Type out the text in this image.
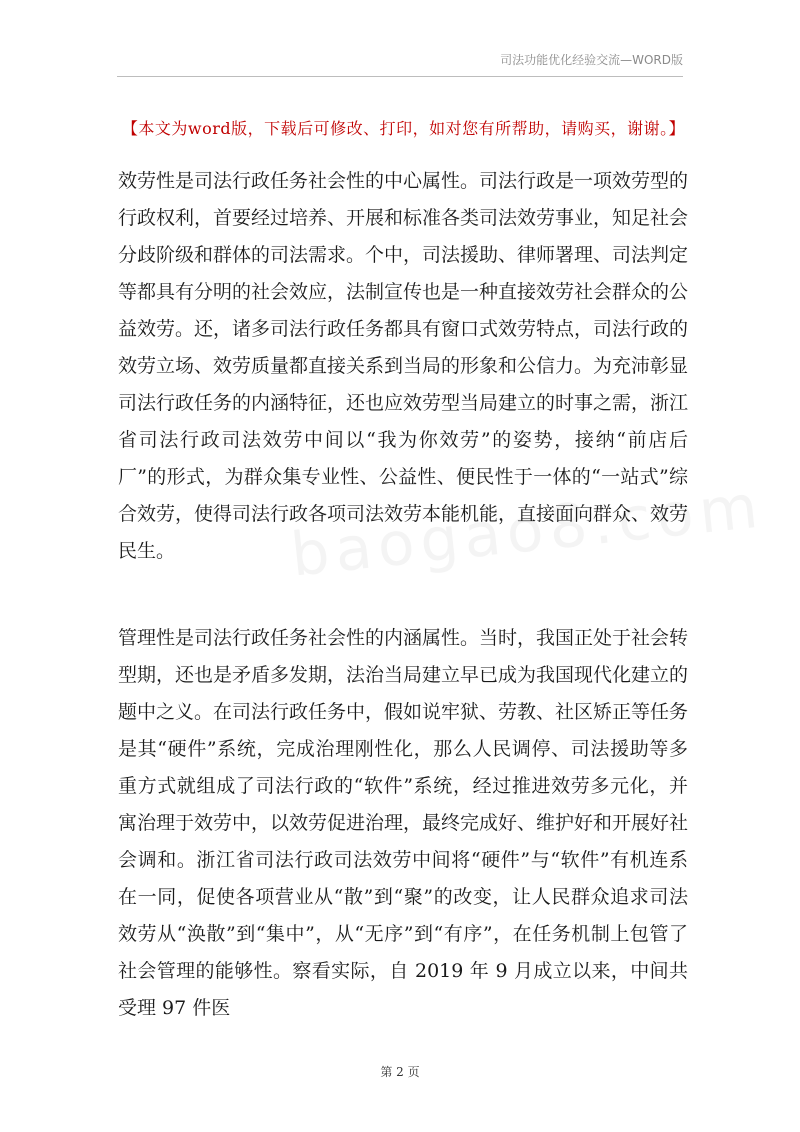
司法功能优化经验交流—WORD版
【本文为word版，下载后可修改、打印，如对您有所帮助，请购买，谢谢。】

效劳性是司法行政任务社会性的中心属性。司法行政是一项效劳型的行政权利，首要经过培养、开展和标准各类司法效劳事业，知足社会分歧阶级和群体的司法需求。个中，司法援助、律师署理、司法判定等都具有分明的社会效应，法制宣传也是一种直接效劳社会群众的公益效劳。还，诸多司法行政任务都具有窗口式效劳特点，司法行政的效劳立场、效劳质量都直接关系到当局的形象和公信力。为充沛彰显司法行政任务的内涵特征，还也应效劳型当局建立的时事之需，浙江省司法行政司法效劳中间以“我为你效劳”的姿势，接纳“前店后厂”的形式，为群众集专业性、公益性、便民性于一体的“一站式”综合效劳，使得司法行政各项司法效劳本能机能，直接面向群众、效劳民生。

管理性是司法行政任务社会性的内涵属性。当时，我国正处于社会转型期，还也是矛盾多发期，法治当局建立早已成为我国现代化建立的题中之义。在司法行政任务中，假如说牢狱、劳教、社区矫正等任务是其“硬件”系统，完成治理刚性化，那么人民调停、司法援助等多重方式就组成了司法行政的“软件”系统，经过推进效劳多元化，并寓治理于效劳中，以效劳促进治理，最终完成好、维护好和开展好社会调和。浙江省司法行政司法效劳中间将“硬件”与“软件”有机连系在一同，促使各项营业从“散”到“聚”的改变，让人民群众追求司法效劳从“涣散”到“集中”，从“无序”到“有序”，在任务机制上包管了社会管理的能够性。察看实际，自 2019 年 9 月成立以来，中间共受理 97 件医

第 2 页
